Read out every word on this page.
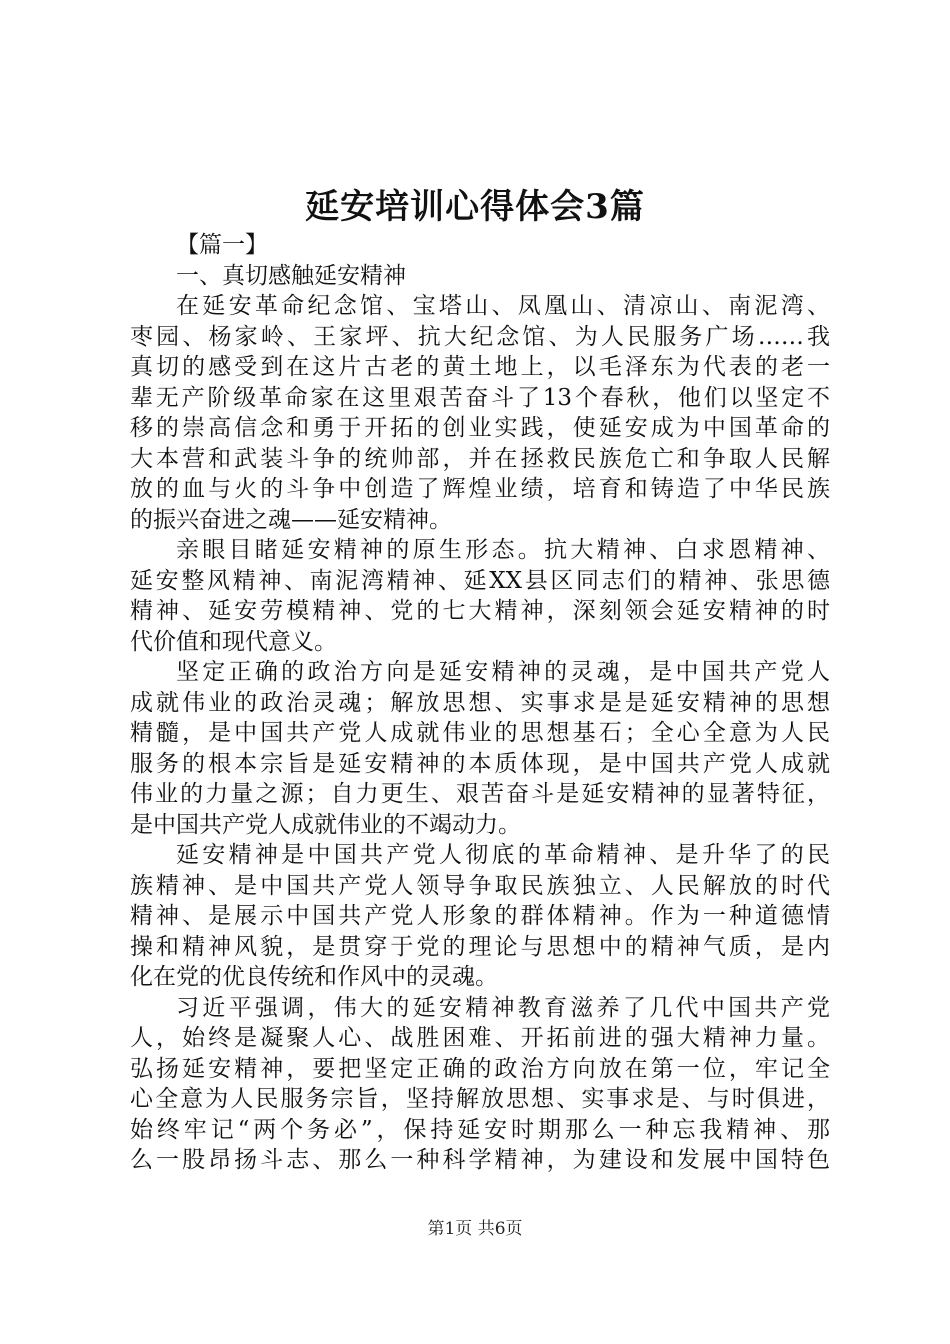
延安培训心得体会3篇
【篇一】
一、真切感触延安精神
在延安革命纪念馆、宝塔山、凤凰山、清凉山、南泥湾、
枣园、杨家岭、王家坪、抗大纪念馆、为人民服务广场……我
真切的感受到在这片古老的黄土地上，以毛泽东为代表的老一
辈无产阶级革命家在这里艰苦奋斗了13个春秋，他们以坚定不
移的崇高信念和勇于开拓的创业实践，使延安成为中国革命的
大本营和武装斗争的统帅部，并在拯救民族危亡和争取人民解
放的血与火的斗争中创造了辉煌业绩，培育和铸造了中华民族
的振兴奋进之魂——延安精神。
亲眼目睹延安精神的原生形态。抗大精神、白求恩精神、
延安整风精神、南泥湾精神、延XX县区同志们的精神、张思德
精神、延安劳模精神、党的七大精神，深刻领会延安精神的时
代价值和现代意义。
坚定正确的政治方向是延安精神的灵魂，是中国共产党人
成就伟业的政治灵魂；解放思想、实事求是是延安精神的思想
精髓，是中国共产党人成就伟业的思想基石；全心全意为人民
服务的根本宗旨是延安精神的本质体现，是中国共产党人成就
伟业的力量之源；自力更生、艰苦奋斗是延安精神的显著特征，
是中国共产党人成就伟业的不竭动力。
延安精神是中国共产党人彻底的革命精神、是升华了的民
族精神、是中国共产党人领导争取民族独立、人民解放的时代
精神、是展示中国共产党人形象的群体精神。作为一种道德情
操和精神风貌，是贯穿于党的理论与思想中的精神气质，是内
化在党的优良传统和作风中的灵魂。
习近平强调，伟大的延安精神教育滋养了几代中国共产党
人，始终是凝聚人心、战胜困难、开拓前进的强大精神力量。
弘扬延安精神，要把坚定正确的政治方向放在第一位，牢记全
心全意为人民服务宗旨，坚持解放思想、实事求是、与时俱进，
始终牢记“两个务必”，保持延安时期那么一种忘我精神、那
么一股昂扬斗志、那么一种科学精神，为建设和发展中国特色
第1页 共6页
